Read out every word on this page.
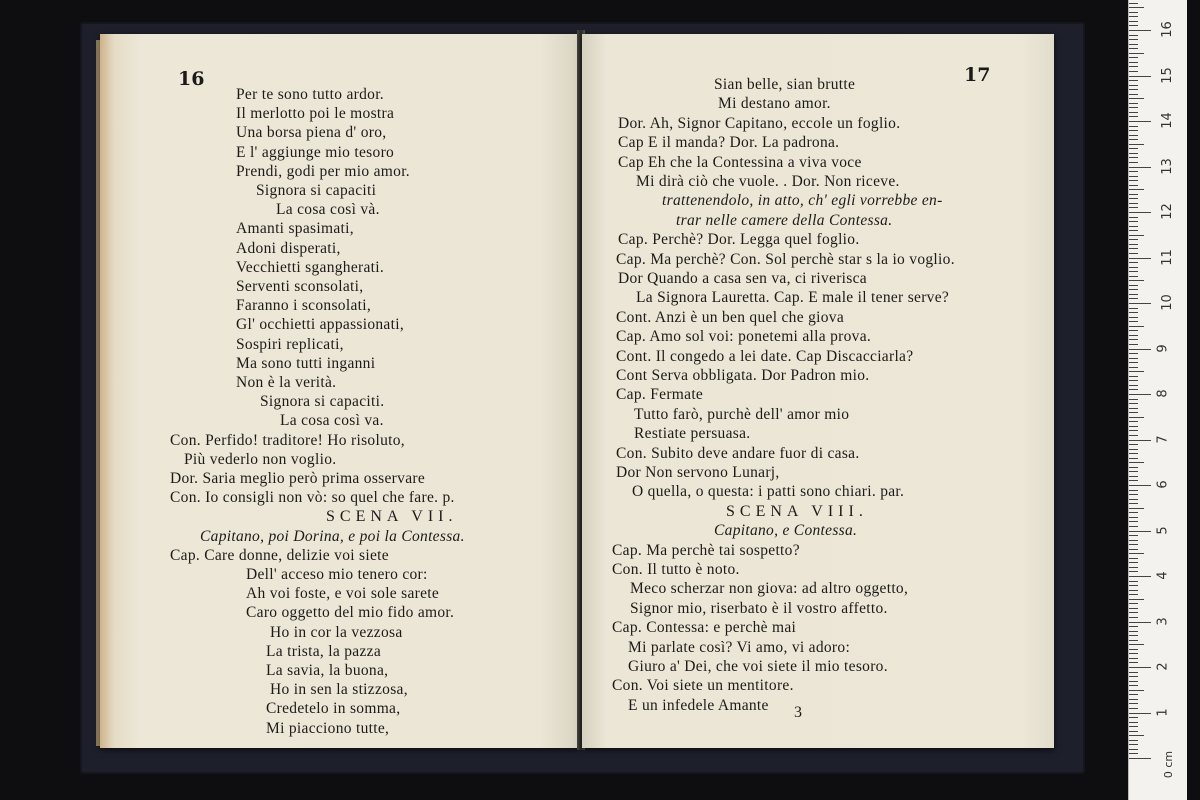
16
Per te sono tutto ardor.
Il merlotto poi le mostra
Una borsa piena d' oro,
E l' aggiunge mio tesoro
Prendi, godi per mio amor.
Signora si capaciti
La cosa così và.
Amanti spasimati,
Adoni disperati,
Vecchietti sgangherati.
Serventi sconsolati,
Faranno i sconsolati,
Gl' occhietti appassionati,
Sospiri replicati,
Ma sono tutti inganni
Non è la verità.
Signora si capaciti.
La cosa così va.
Con. Perfido! traditore! Ho risoluto,
Più vederlo non voglio.
Dor. Saria meglio però prima osservare
Con. Io consigli non vò: so quel che fare. p.
SCENA VII.
Capitano, poi Dorina, e poi la Contessa.
Cap. Care donne, delizie voi siete
Dell' acceso mio tenero cor:
Ah voi foste, e voi sole sarete
Caro oggetto del mio fido amor.
Ho in cor la vezzosa
La trista, la pazza
La savia, la buona,
Ho in sen la stizzosa,
Credetelo in somma,
Mi piacciono tutte,
17
Sian belle, sian brutte
Mi destano amor.
Dor. Ah, Signor Capitano, eccole un foglio.
Cap E il manda? Dor. La padrona.
Cap Eh che la Contessina a viva voce
Mi dirà ciò che vuole. . Dor. Non riceve.
trattenendolo, in atto, ch' egli vorrebbe en-
trar nelle camere della Contessa.
Cap. Perchè? Dor. Legga quel foglio.
Cap. Ma perchè? Con. Sol perchè star s la io voglio.
Dor Quando a casa sen va, ci riverisca
La Signora Lauretta. Cap. E male il tener serve?
Cont. Anzi è un ben quel che giova
Cap. Amo sol voi: ponetemi alla prova.
Cont. Il congedo a lei date. Cap Discacciarla?
Cont Serva obbligata. Dor Padron mio.
Cap. Fermate
Tutto farò, purchè dell' amor mio
Restiate persuasa.
Con. Subito deve andare fuor di casa.
Dor Non servono Lunarj,
O quella, o questa: i patti sono chiari. par.
SCENA VIII.
Capitano, e Contessa.
Cap. Ma perchè tai sospetto?
Con. Il tutto è noto.
Meco scherzar non giova: ad altro oggetto,
Signor mio, riserbato è il vostro affetto.
Cap. Contessa: e perchè mai
Mi parlate così? Vi amo, vi adoro:
Giuro a' Dei, che voi siete il mio tesoro.
Con. Voi siete un mentitore.
E un infedele Amante 3	1
2
3
4
5
6
7
8
9
10
11
12
13
14
15
16
0 cm
